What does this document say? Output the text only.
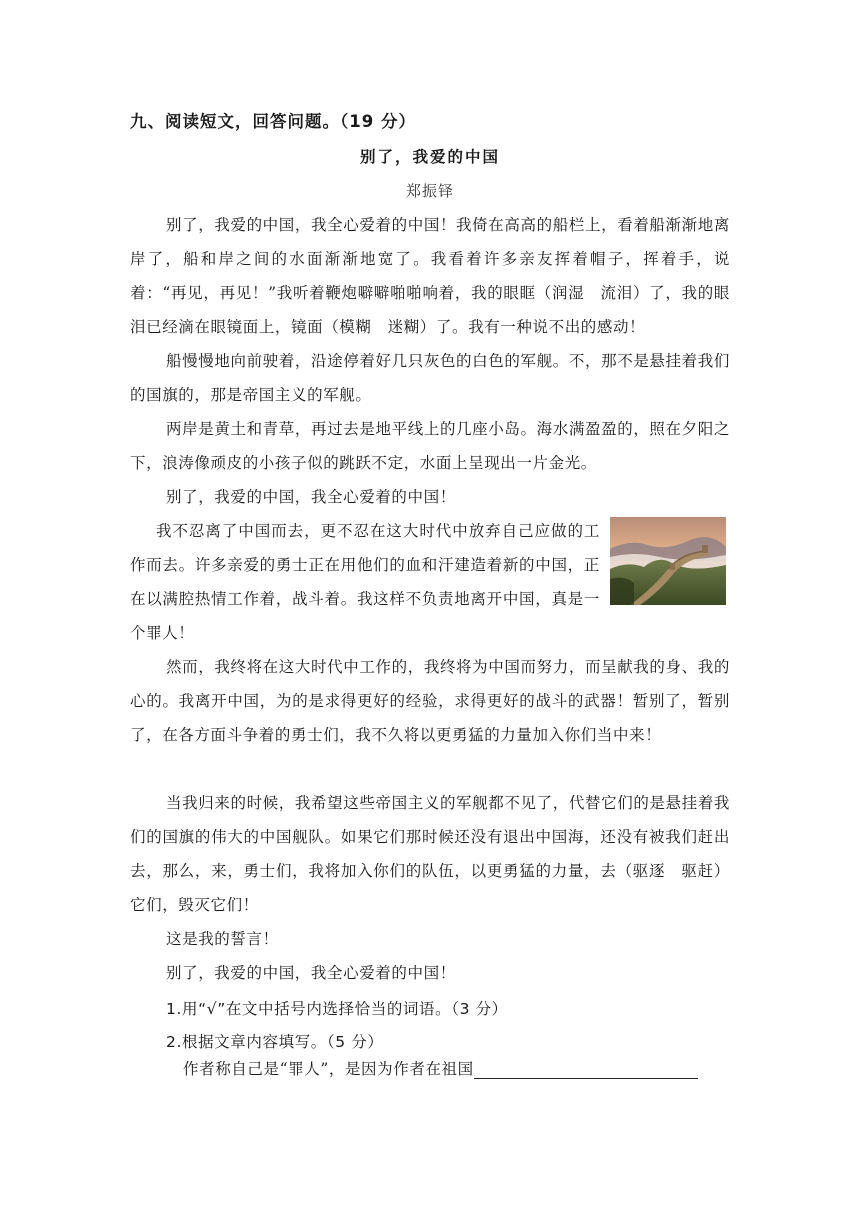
九、阅读短文，回答问题。（19 分）
别了，我爱的中国
郑振铎

别了，我爱的中国，我全心爱着的中国！我倚在高高的船栏上，看着船渐渐地离岸了，船和岸之间的水面渐渐地宽了。我看着许多亲友挥着帽子，挥着手，说着：“再见，再见！”我听着鞭炮噼噼啪啪响着，我的眼眶（润湿　流泪）了，我的眼泪已经滴在眼镜面上，镜面（模糊　迷糊）了。我有一种说不出的感动！

船慢慢地向前驶着，沿途停着好几只灰色的白色的军舰。不，那不是悬挂着我们的国旗的，那是帝国主义的军舰。

两岸是黄土和青草，再过去是地平线上的几座小岛。海水满盈盈的，照在夕阳之下，浪涛像顽皮的小孩子似的跳跃不定，水面上呈现出一片金光。

别了，我爱的中国，我全心爱着的中国！

我不忍离了中国而去，更不忍在这大时代中放弃自己应做的工作而去。许多亲爱的勇士正在用他们的血和汗建造着新的中国，正在以满腔热情工作着，战斗着。我这样不负责地离开中国，真是一个罪人！

然而，我终将在这大时代中工作的，我终将为中国而努力，而呈献我的身、我的心的。我离开中国，为的是求得更好的经验，求得更好的战斗的武器！暂别了，暂别了，在各方面斗争着的勇士们，我不久将以更勇猛的力量加入你们当中来！

当我归来的时候，我希望这些帝国主义的军舰都不见了，代替它们的是悬挂着我们的国旗的伟大的中国舰队。如果它们那时候还没有退出中国海，还没有被我们赶出去，那么，来，勇士们，我将加入你们的队伍，以更勇猛的力量，去（驱逐　驱赶）它们，毁灭它们！

这是我的誓言！

别了，我爱的中国，我全心爱着的中国！

1.用“√”在文中括号内选择恰当的词语。（3 分）
2.根据文章内容填写。（5 分）
作者称自己是“罪人”，是因为作者在祖国
